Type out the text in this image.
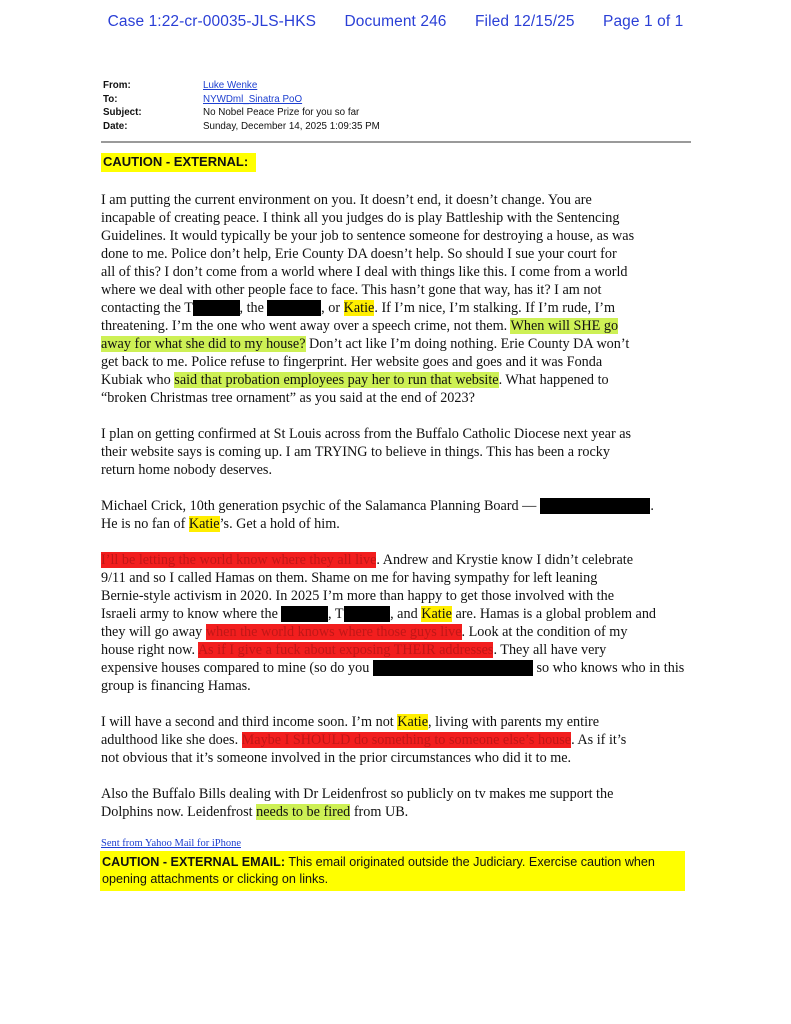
Case 1:22-cr-00035-JLS-HKS Document 246 Filed 12/15/25 Page 1 of 1
From:	Luke Wenke
To:	NYWDml_Sinatra PoO
Subject:	No Nobel Peace Prize for you so far
Date:	Sunday, December 14, 2025 1:09:35 PM
CAUTION - EXTERNAL:

I am putting the current environment on you. It doesn’t end, it doesn’t change. You are
incapable of creating peace. I think all you judges do is play Battleship with the Sentencing
Guidelines. It would typically be your job to sentence someone for destroying a house, as was
done to me. Police don’t help, Erie County DA doesn’t help. So should I sue your court for
all of this? I don’t come from a world where I deal with things like this. I come from a world
where we deal with other people face to face. This hasn’t gone that way, has it? I am not
contacting the T	, the	, or Katie. If I’m nice, I’m stalking. If I’m rude, I’m
threatening. I’m the one who went away over a speech crime, not them. When will SHE go
away for what she did to my house? Don’t act like I’m doing nothing. Erie County DA won’t
get back to me. Police refuse to fingerprint. Her website goes and goes and it was Fonda
Kubiak who said that probation employees pay her to run that website. What happened to
“broken Christmas tree ornament” as you said at the end of 2023?

I plan on getting confirmed at St Louis across from the Buffalo Catholic Diocese next year as
their website says is coming up. I am TRYING to believe in things. This has been a rocky
return home nobody deserves.

Michael Crick, 10th generation psychic of the Salamanca Planning Board —	.
He is no fan of Katie’s. Get a hold of him.

I’ll be letting the world know where they all live. Andrew and Krystie know I didn’t celebrate
9/11 and so I called Hamas on them. Shame on me for having sympathy for left leaning
Bernie-style activism in 2020. In 2025 I’m more than happy to get those involved with the
Israeli army to know where the	, T	, and Katie are. Hamas is a global problem and
they will go away when the world knows where those guys live. Look at the condition of my
house right now. As if I give a fuck about exposing THEIR addresses. They all have very
expensive houses compared to mine (so do you	so who knows who in this
group is financing Hamas.

I will have a second and third income soon. I’m not Katie, living with parents my entire
adulthood like she does. Maybe I SHOULD do something to someone else’s house. As if it’s
not obvious that it’s someone involved in the prior circumstances who did it to me.

Also the Buffalo Bills dealing with Dr Leidenfrost so publicly on tv makes me support the
Dolphins now. Leidenfrost needs to be fired from UB.

Sent from Yahoo Mail for iPhone
CAUTION - EXTERNAL EMAIL: This email originated outside the Judiciary. Exercise caution when opening attachments or clicking on links.
